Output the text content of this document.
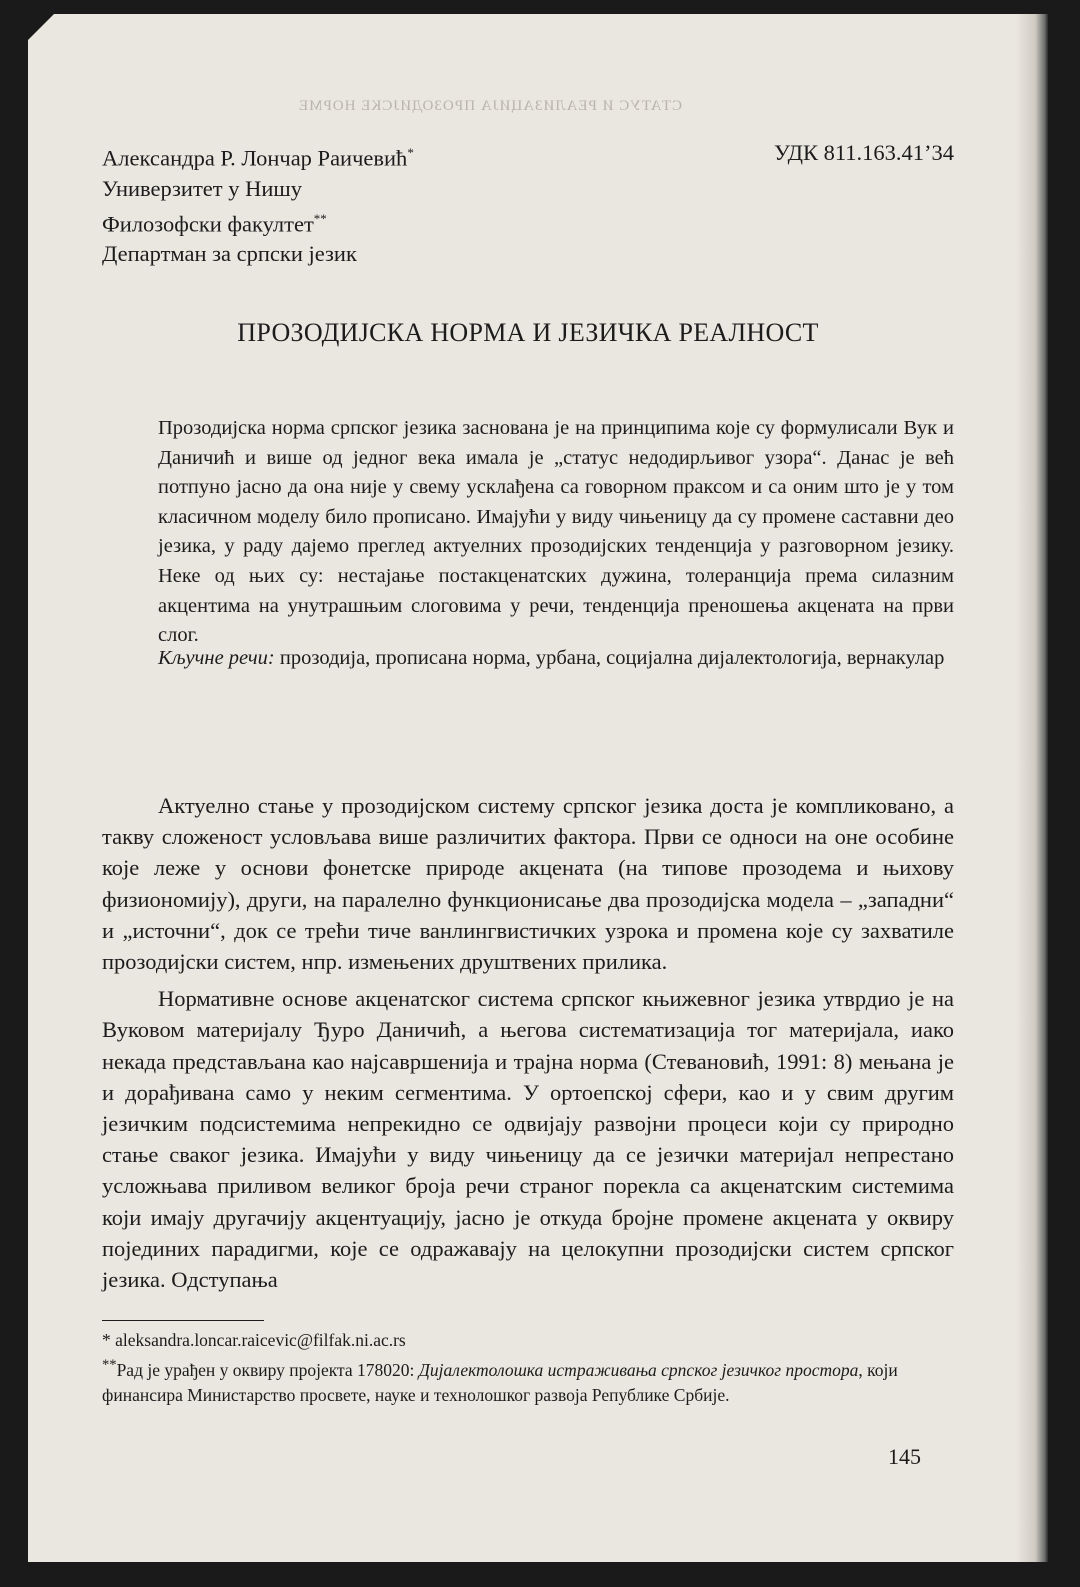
СТАТУС И РЕАЛИЗАЦИЈА ПРОЗОДИЈСКЕ НОРМЕ
Александра Р. Лончар Раичевић*
Универзитет у Нишу
Филозофски факултет**
Департман за српски језик
УДК 811.163.41’34
ПРОЗОДИЈСКА НОРМА И ЈЕЗИЧКА РЕАЛНОСТ

Прозодијска норма српског језика заснована је на принципима које су формулисали Вук и Даничић и више од једног века имала је „статус недодирљивог узора“. Данас је већ потпуно јасно да она није у свему усклађена са говорном праксом и са оним што је у том класичном моделу било прописано. Имајући у виду чињеницу да су промене саставни део језика, у раду дајемо преглед актуелних прозодијских тенденција у разговорном језику. Неке од њих су: нестајање постакценатских дужина, толеранција према силазним акцентима на унутрашњим слоговима у речи, тенденција преношења акцената на први слог.

Кључне речи: прозодија, прописана норма, урбана, социјална дијалектологија, вернакулар

Актуелно стање у прозодијском систему српског језика доста је компликовано, а такву сложеност условљава више различитих фактора. Први се односи на оне особине које леже у основи фонетске природе акцената (на типове прозодема и њихову физиономију), други, на паралелно функционисање два прозодијска модела – „западни“ и „источни“, док се трећи тиче ванлингвистичких узрока и промена које су захватиле прозодијски систем, нпр. измењених друштвених прилика.

Нормативне основе акценатског система српског књижевног језика утврдио је на Вуковом материјалу Ђуро Даничић, а његова систематизација тог материјала, иако некада представљана као најсавршенија и трајна норма (Стевановић, 1991: 8) мењана је и дорађивана само у неким сегментима. У ортоепској сфери, као и у свим другим језичким подсистемима непрекидно се одвијају развојни процеси који су природно стање сваког језика. Имајући у виду чињеницу да се језички материјал непрестано усложњава приливом великог броја речи страног порекла са акценатским системима који имају другачију акцентуацију, јасно је откуда бројне промене акцената у оквиру појединих парадигми, које се одражавају на целокупни прозодијски систем српског језика. Одступања

* aleksandra.loncar.raicevic@filfak.ni.ac.rs

**Рад је урађен у оквиру пројекта 178020: Дијалектолошка истраживања српског језичког простора, који финансира Министарство просвете, науке и технолошког развоја Републике Србије.

145
